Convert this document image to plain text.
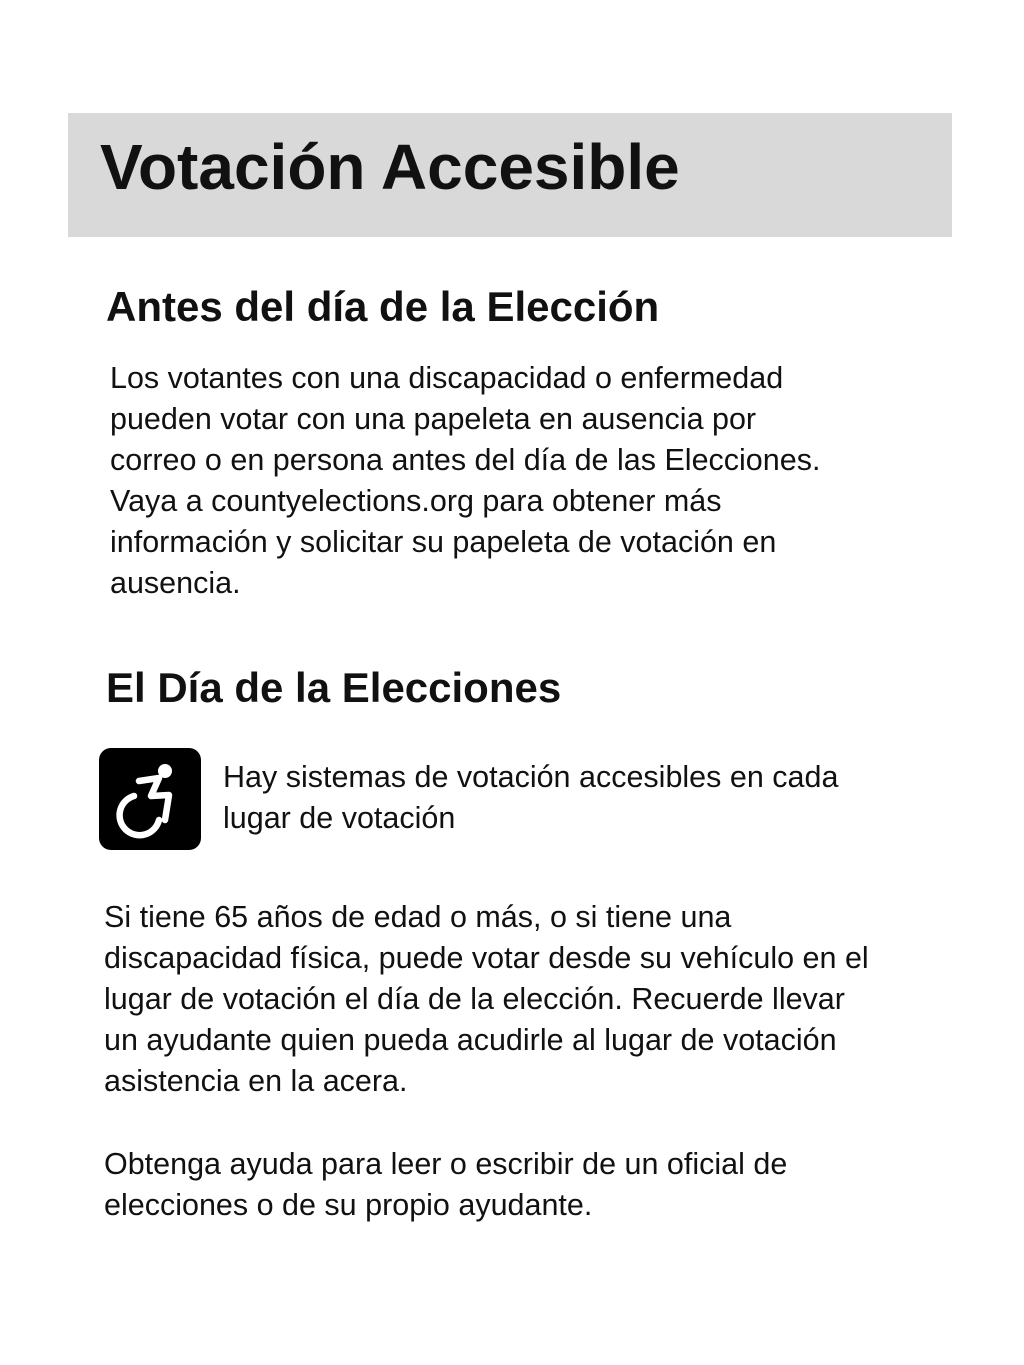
Votación Accesible
Antes del día de la Elección

Los votantes con una discapacidad o enfermedad
pueden votar con una papeleta en ausencia por
correo o en persona antes del día de las Elecciones.
Vaya a countyelections.org para obtener más
información y solicitar su papeleta de votación en
ausencia.

El Día de la Elecciones

Hay sistemas de votación accesibles en cada
lugar de votación

Si tiene 65 años de edad o más, o si tiene una
discapacidad física, puede votar desde su vehículo en el
lugar de votación el día de la elección. Recuerde llevar
un ayudante quien pueda acudirle al lugar de votación
asistencia en la acera.

Obtenga ayuda para leer o escribir de un oficial de
elecciones o de su propio ayudante.
